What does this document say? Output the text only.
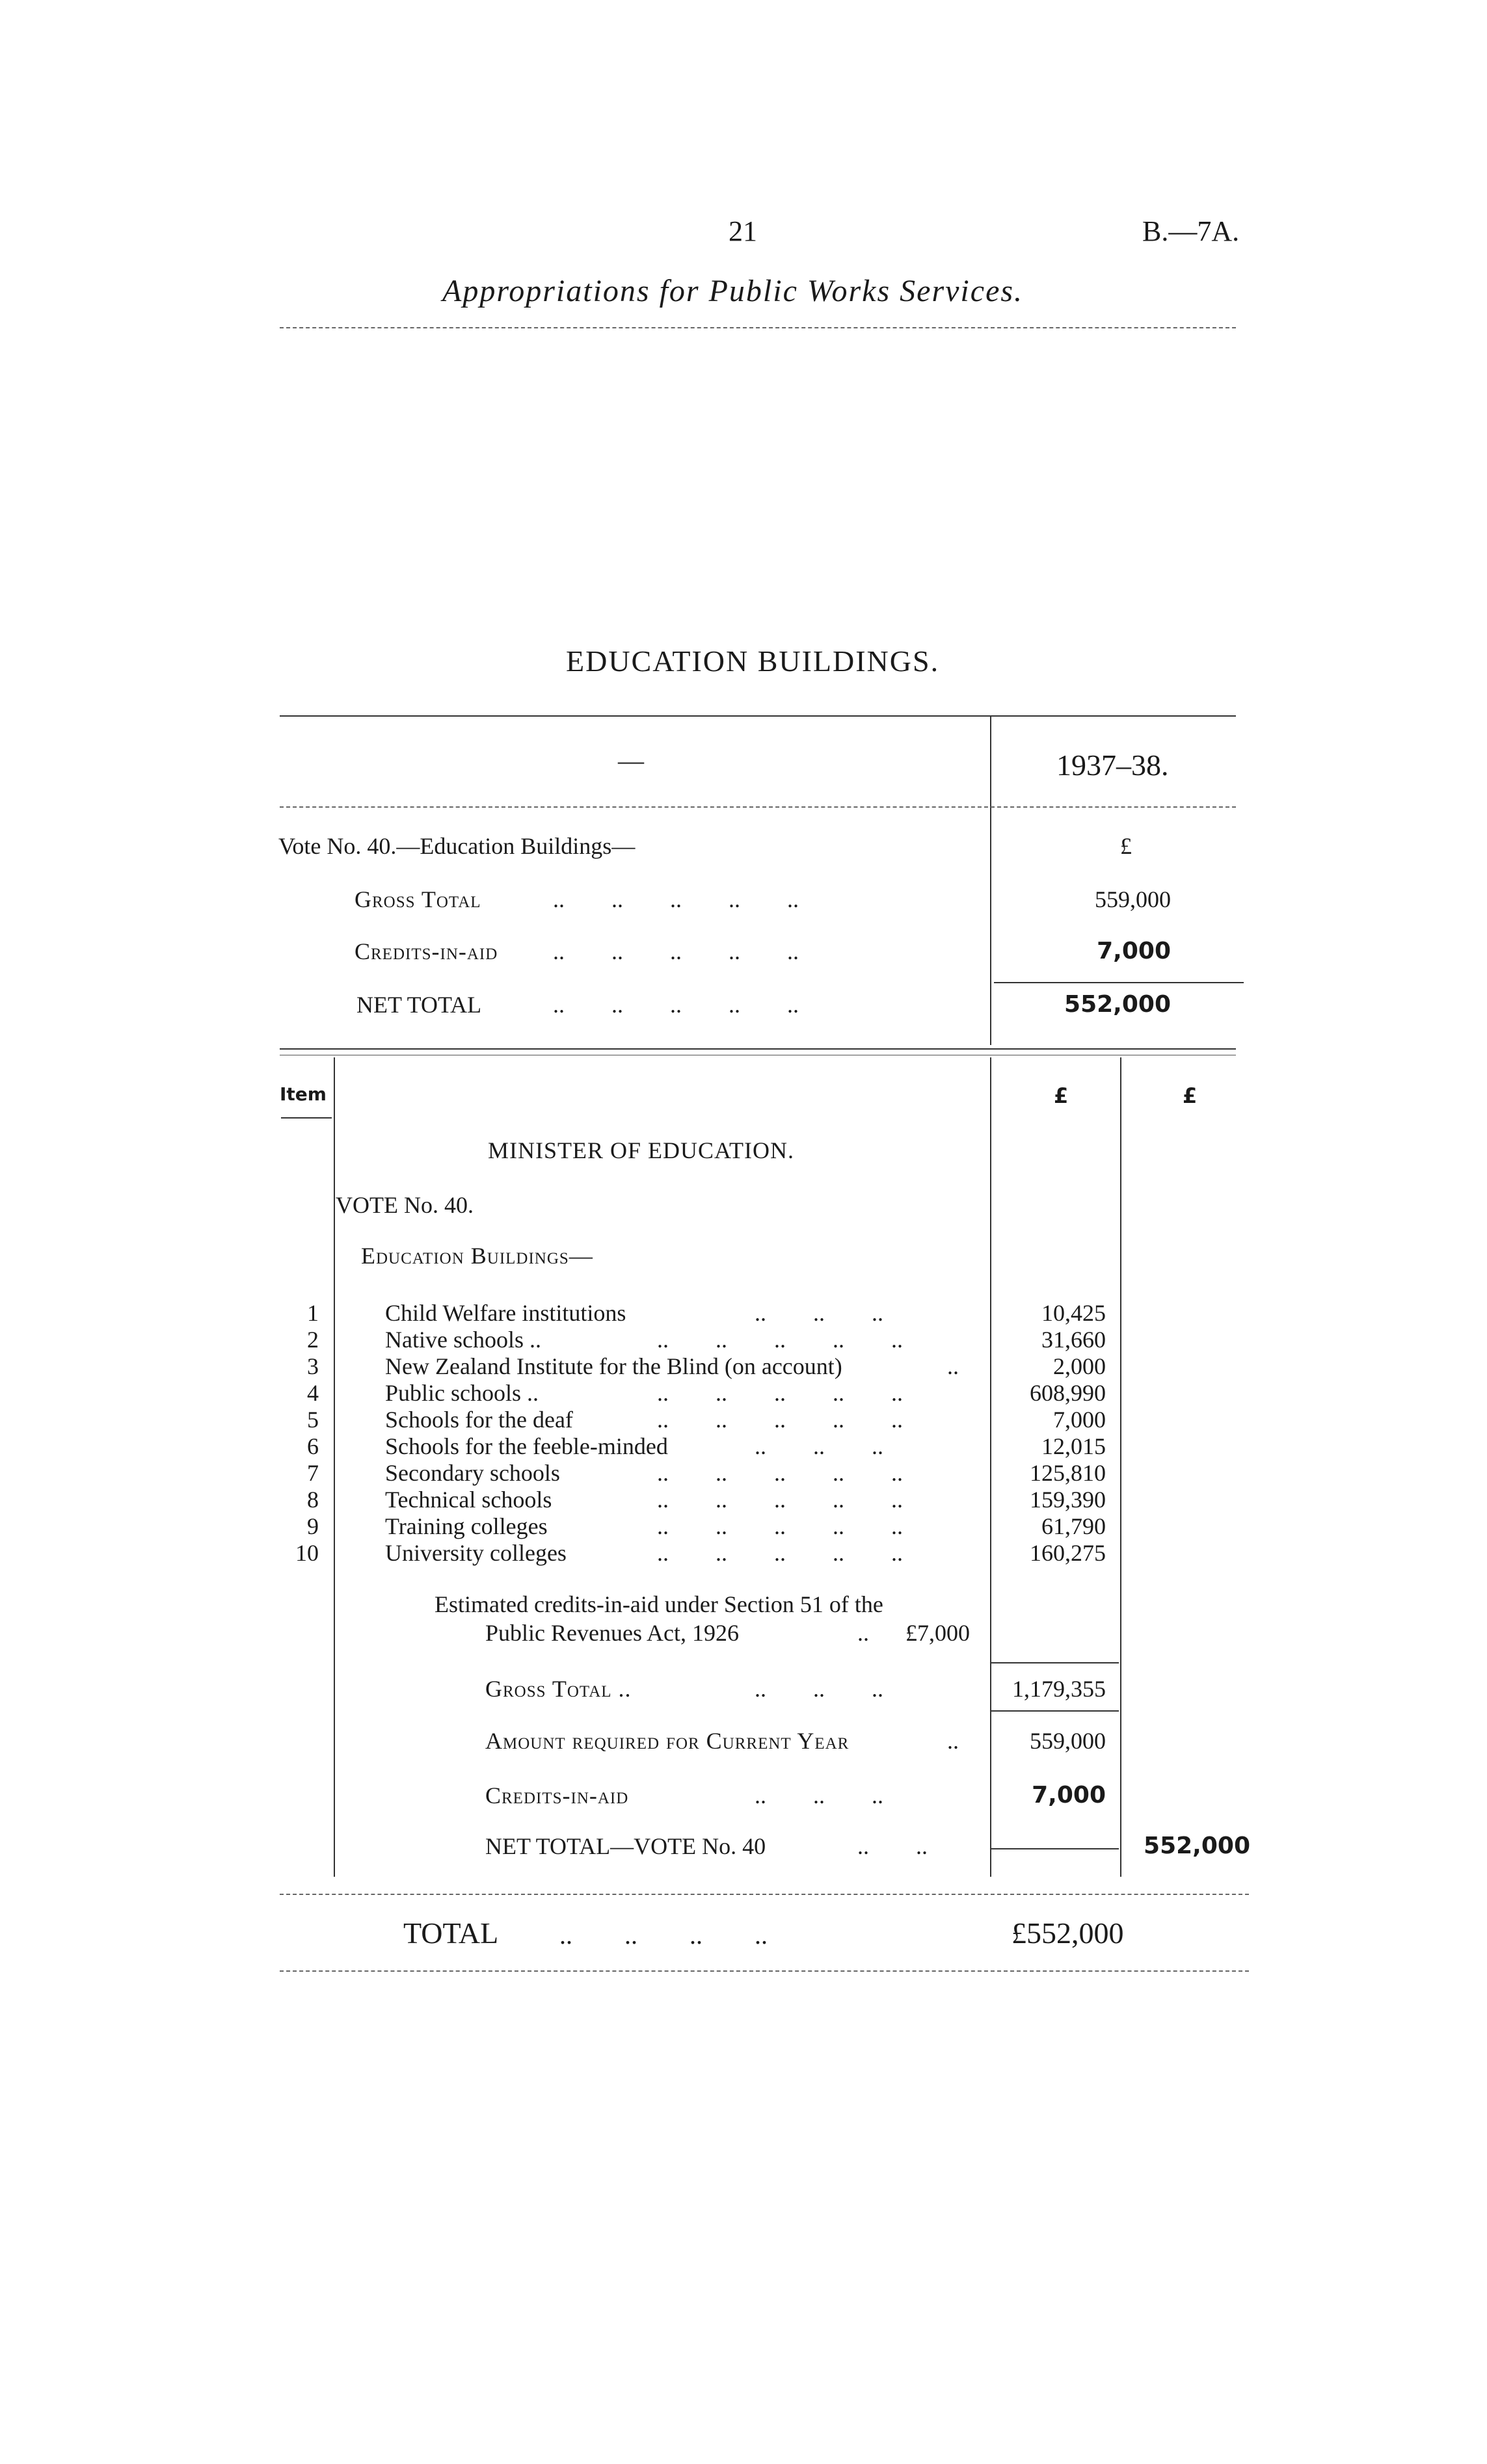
21	B.—7A.
Appropriations for Public Works Services.
EDUCATION BUILDINGS.
—	1937–38.
Vote No. 40.—Education Buildings—	£
Gross Total	..        ..        ..        ..        ..	559,000
Credits-in-aid ..        ..        ..        ..        ..	7,000
NET TOTAL	..        ..        ..        ..        ..	552,000
Item	£	£
MINISTER OF EDUCATION.
VOTE No. 40.
Education Buildings—
1	Child Welfare institutions	..        ..        ..	10,425
2	Native schools ..	..        ..        ..        ..        ..	31,660
3	New Zealand Institute for the Blind (on account)	..	2,000
4	Public schools ..	..        ..        ..        ..        ..	608,990
5	Schools for the deaf	..        ..        ..        ..        ..	7,000
6	Schools for the feeble-minded	..        ..        ..	12,015
7	Secondary schools	..        ..        ..        ..        ..	125,810
8	Technical schools	..        ..        ..        ..        ..	159,390
9	Training colleges	..        ..        ..        ..        ..	61,790
10	University colleges	..        ..        ..        ..        ..	160,275
Estimated credits-in-aid under Section 51 of the
Public Revenues Act, 1926	.. £7,000
Gross Total ..	..        ..        ..	1,179,355
Amount required for Current Year	..	559,000
Credits-in-aid	..        ..        ..	7,000
NET TOTAL—VOTE No. 40	..        ..	552,000
TOTAL ..        ..        ..        ..	£552,000
